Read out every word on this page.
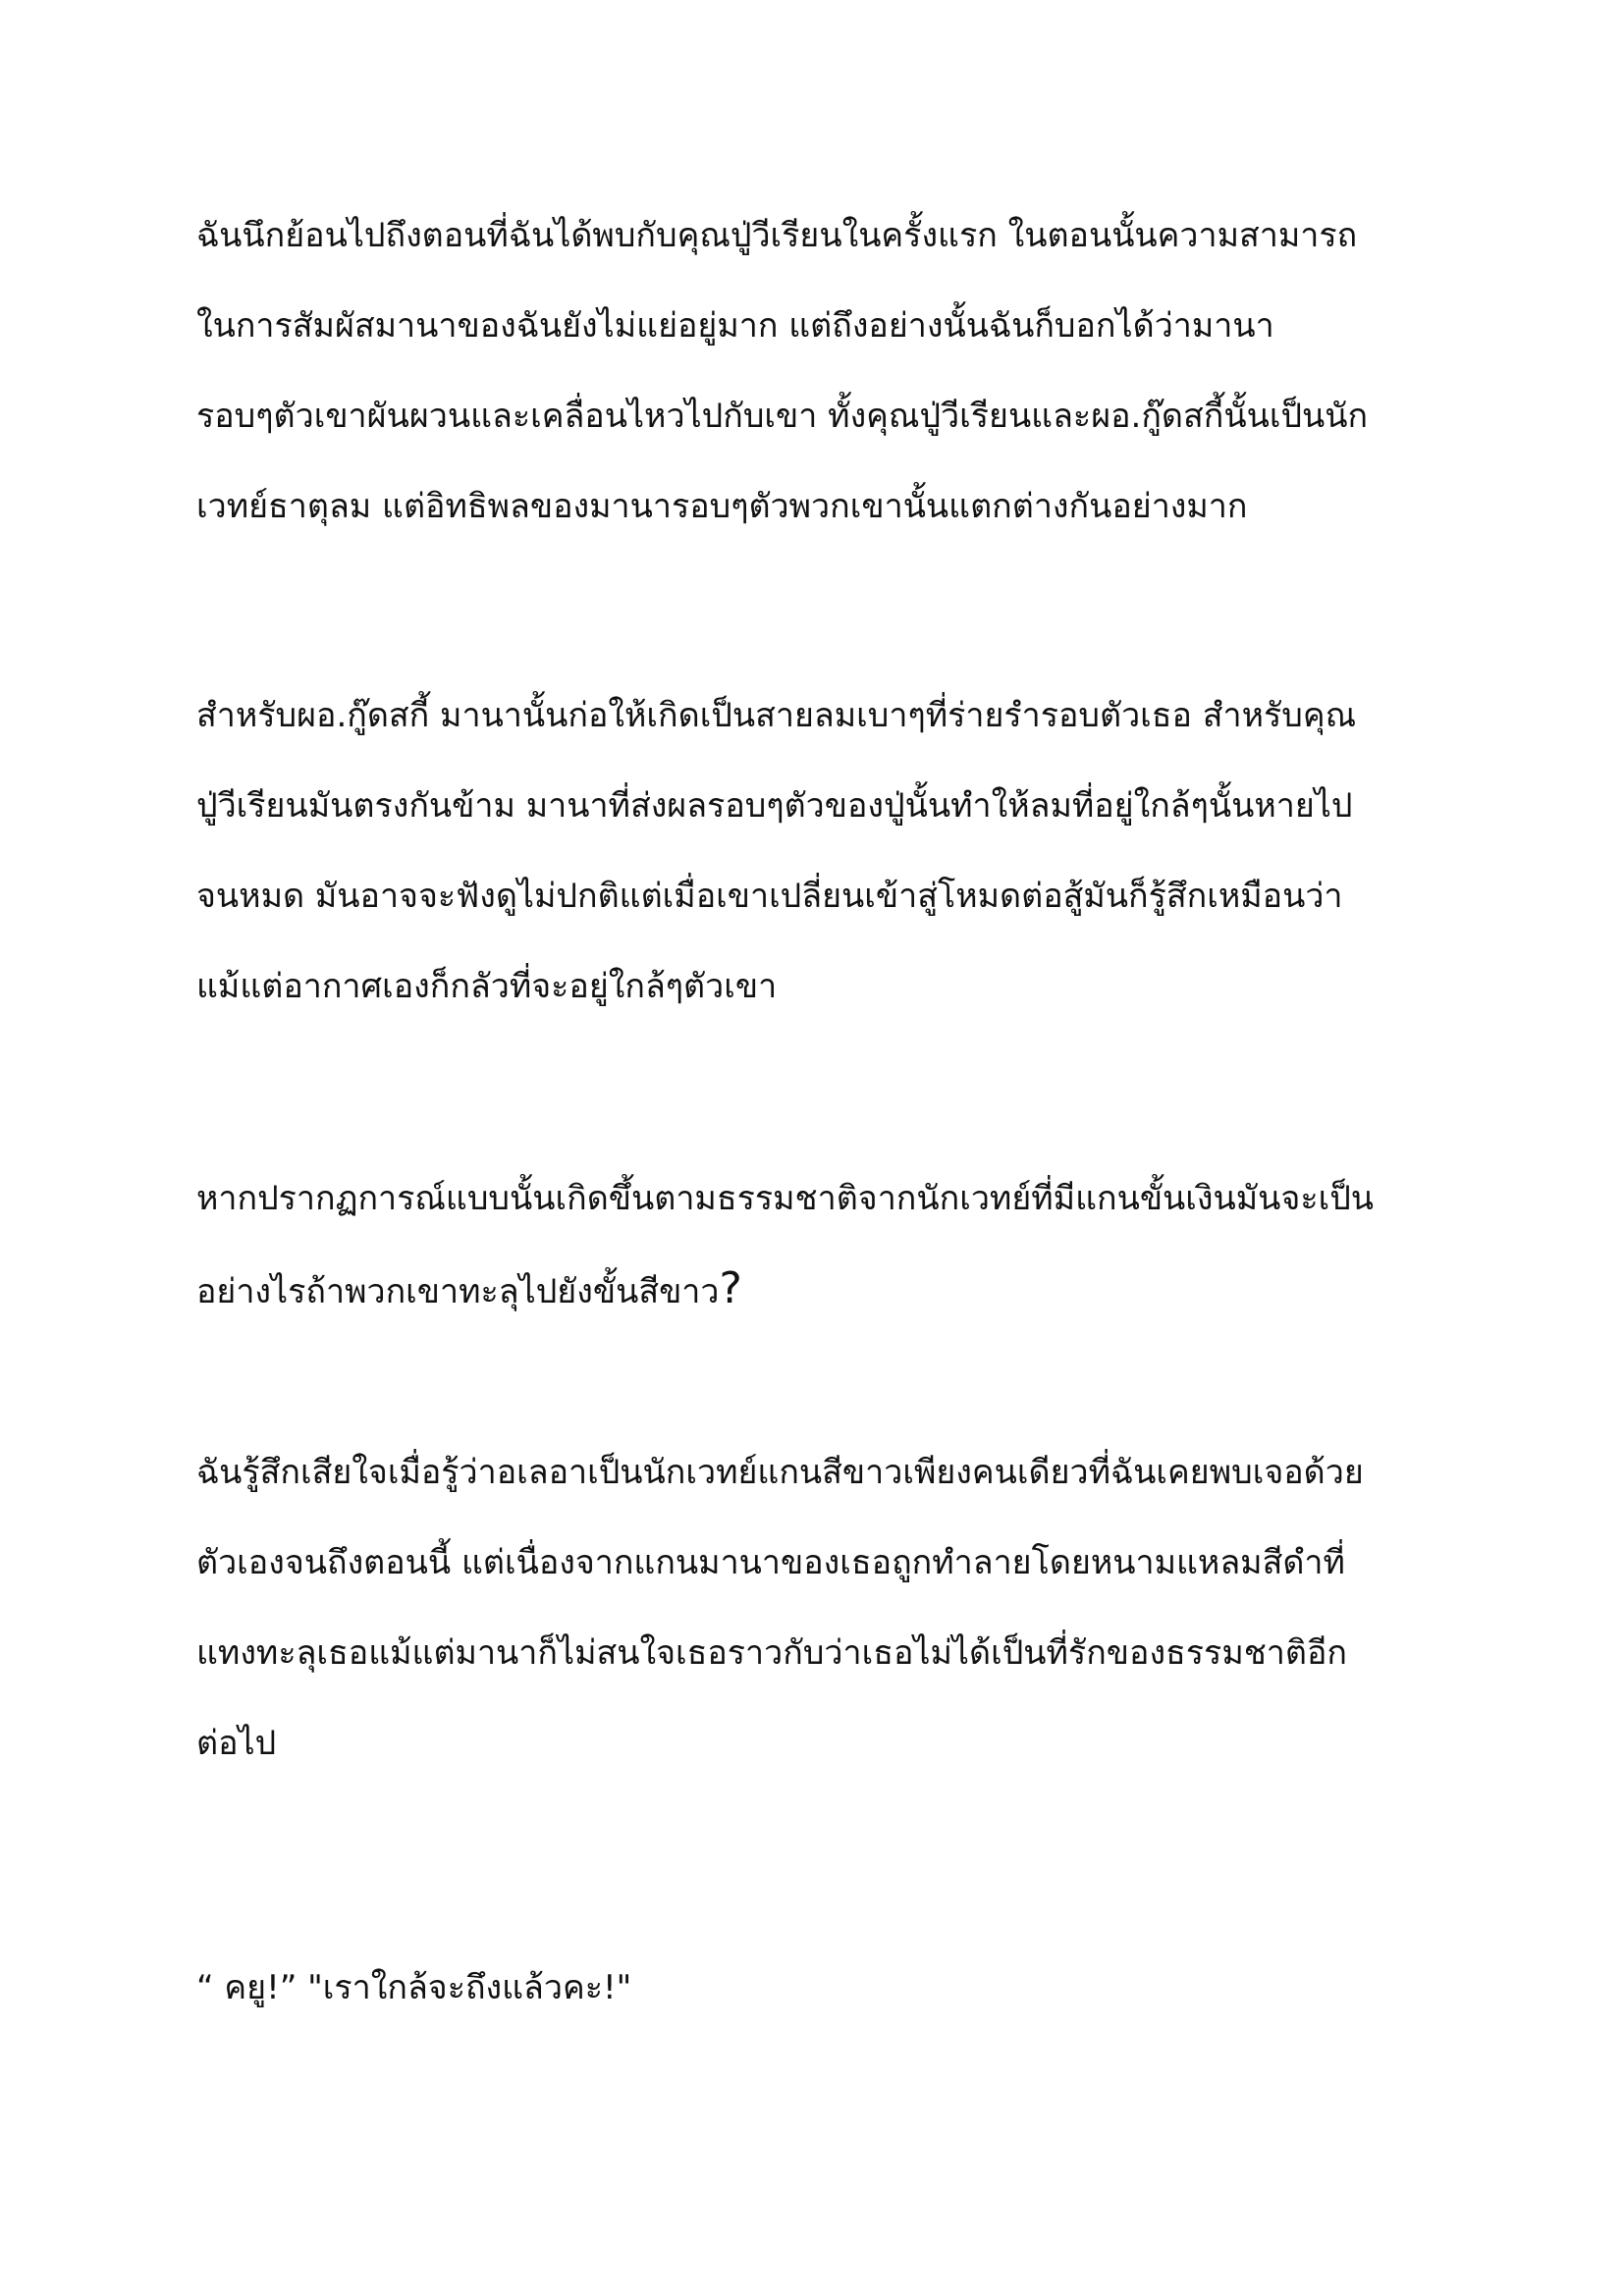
ฉันนึกย้อนไปถึงตอนที่ฉันได้พบกับคุณปู่วีเรียนในครั้งแรก ในตอนนั้นความสามารถ
ในการสัมผัสมานาของฉันยังไม่แย่อยู่มาก แต่ถึงอย่างนั้นฉันก็บอกได้ว่ามานา
รอบๆตัวเขาผันผวนและเคลื่อนไหวไปกับเขา ทั้งคุณปู่วีเรียนและผอ.กู๊ดสกี้นั้นเป็นนัก
เวทย์ธาตุลม แต่อิทธิพลของมานารอบๆตัวพวกเขานั้นแตกต่างกันอย่างมาก

สำหรับผอ.กู๊ดสกี้ มานานั้นก่อให้เกิดเป็นสายลมเบาๆที่ร่ายรำรอบตัวเธอ สำหรับคุณ
ปู่วีเรียนมันตรงกันข้าม มานาที่ส่งผลรอบๆตัวของปู่นั้นทำให้ลมที่อยู่ใกล้ๆนั้นหายไป
จนหมด มันอาจจะฟังดูไม่ปกติแต่เมื่อเขาเปลี่ยนเข้าสู่โหมดต่อสู้มันก็รู้สึกเหมือนว่า
แม้แต่อากาศเองก็กลัวที่จะอยู่ใกล้ๆตัวเขา

หากปรากฏการณ์แบบนั้นเกิดขึ้นตามธรรมชาติจากนักเวทย์ที่มีแกนขั้นเงินมันจะเป็น
อย่างไรถ้าพวกเขาทะลุไปยังขั้นสีขาว?

ฉันรู้สึกเสียใจเมื่อรู้ว่าอเลอาเป็นนักเวทย์แกนสีขาวเพียงคนเดียวที่ฉันเคยพบเจอด้วย
ตัวเองจนถึงตอนนี้ แต่เนื่องจากแกนมานาของเธอถูกทำลายโดยหนามแหลมสีดำที่
แทงทะลุเธอแม้แต่มานาก็ไม่สนใจเธอราวกับว่าเธอไม่ได้เป็นที่รักของธรรมชาติอีก
ต่อไป

“ คยู!” "เราใกล้จะถึงแล้วคะ!"
